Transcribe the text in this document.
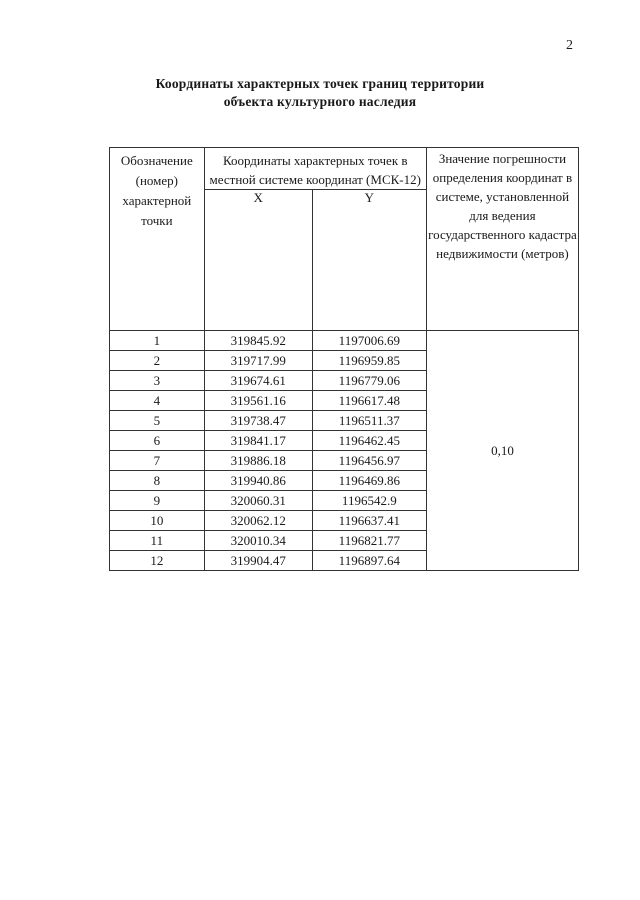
2
Координаты характерных точек границ территории
объекта культурного наследия
Обозначение (номер) характерной точки	Координаты характерных точек в местной системе координат (МСК-12)		Значение погрешности определения координат в системе, установленной для ведения государственного кадастра недвижимости (метров)

	X	Y	

1	319845.92	1197006.69	0,10
2	319717.99	1196959.85	
3	319674.61	1196779.06	
4	319561.16	1196617.48	
5	319738.47	1196511.37	
6	319841.17	1196462.45	
7	319886.18	1196456.97	
8	319940.86	1196469.86	
9	320060.31	1196542.9	
10	320062.12	1196637.41	
11	320010.34	1196821.77	
12	319904.47	1196897.64	
